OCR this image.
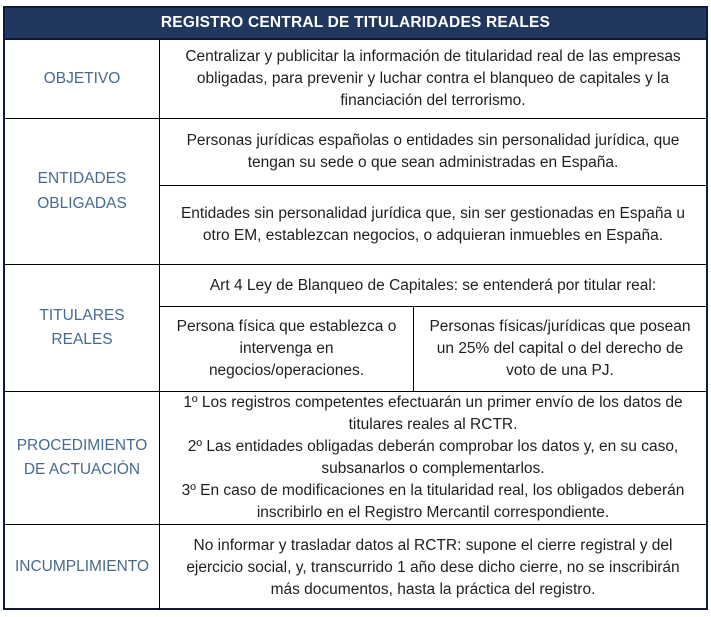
REGISTRO CENTRAL DE TITULARIDADES REALES
OBJETIVO
Centralizar y publicitar la información de titularidad real de las empresas obligadas, para prevenir y luchar contra el blanqueo de capitales y la financiación del terrorismo.
ENTIDADES OBLIGADAS
Personas jurídicas españolas o entidades sin personalidad jurídica, que tengan su sede o que sean administradas en España.
Entidades sin personalidad jurídica que, sin ser gestionadas en España u otro EM, establezcan negocios, o adquieran inmuebles en España.
TITULARES REALES
Art 4 Ley de Blanqueo de Capitales: se entenderá por titular real:
Persona física que establezca o intervenga en negocios/operaciones.
Personas físicas/jurídicas que posean un 25% del capital o del derecho de voto de una PJ.
PROCEDIMIENTO DE ACTUACIÓN
1º Los registros competentes efectuarán un primer envío de los datos de titulares reales al RCTR.
2º Las entidades obligadas deberán comprobar los datos y, en su caso, subsanarlos o complementarlos.
3º En caso de modificaciones en la titularidad real, los obligados deberán inscribirlo en el Registro Mercantil correspondiente.
INCUMPLIMIENTO
No informar y trasladar datos al RCTR: supone el cierre registral y del ejercicio social, y, transcurrido 1 año dese dicho cierre, no se inscribirán más documentos, hasta la práctica del registro.
